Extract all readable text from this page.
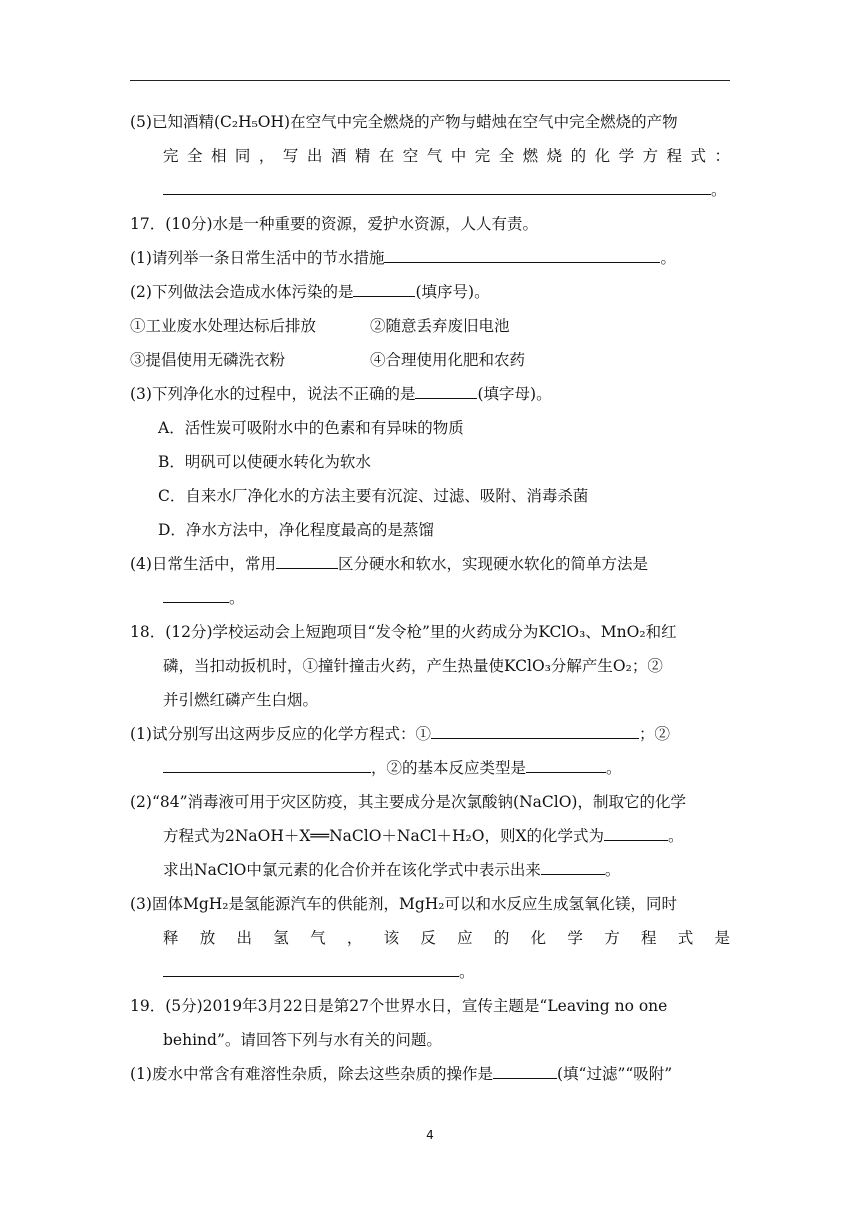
(5)已知酒精(C₂H₅OH)在空气中完全燃烧的产物与蜡烛在空气中完全燃烧的产物
完全相同，写出酒精在空气中完全燃烧的化学方程式：
。
17．(10分)水是一种重要的资源，爱护水资源，人人有责。
(1)请列举一条日常生活中的节水措施	。
(2)下列做法会造成水体污染的是	(填序号)。
①工业废水处理达标后排放	②随意丢弃废旧电池
③提倡使用无磷洗衣粉	④合理使用化肥和农药
(3)下列净化水的过程中，说法不正确的是	(填字母)。
A．活性炭可吸附水中的色素和有异味的物质
B．明矾可以使硬水转化为软水
C．自来水厂净化水的方法主要有沉淀、过滤、吸附、消毒杀菌
D．净水方法中，净化程度最高的是蒸馏
(4)日常生活中，常用	区分硬水和软水，实现硬水软化的简单方法是
。
18．(12分)学校运动会上短跑项目“发令枪”里的火药成分为KClO₃、MnO₂和红
磷，当扣动扳机时，①撞针撞击火药，产生热量使KClO₃分解产生O₂；②
并引燃红磷产生白烟。
(1)试分别写出这两步反应的化学方程式：①	；②
，②的基本反应类型是	。
(2)“84”消毒液可用于灾区防疫，其主要成分是次氯酸钠(NaClO)，制取它的化学
方程式为2NaOH＋X══NaClO＋NaCl＋H₂O，则X的化学式为	。
求出NaClO中氯元素的化合价并在该化学式中表示出来	。
(3)固体MgH₂是氢能源汽车的供能剂，MgH₂可以和水反应生成氢氧化镁，同时
释放出氢气，该反应的化学方程式是
。
19．(5分)2019年3月22日是第27个世界水日，宣传主题是“Leaving no one
behind”。请回答下列与水有关的问题。
(1)废水中常含有难溶性杂质，除去这些杂质的操作是	(填“过滤”“吸附”
4
